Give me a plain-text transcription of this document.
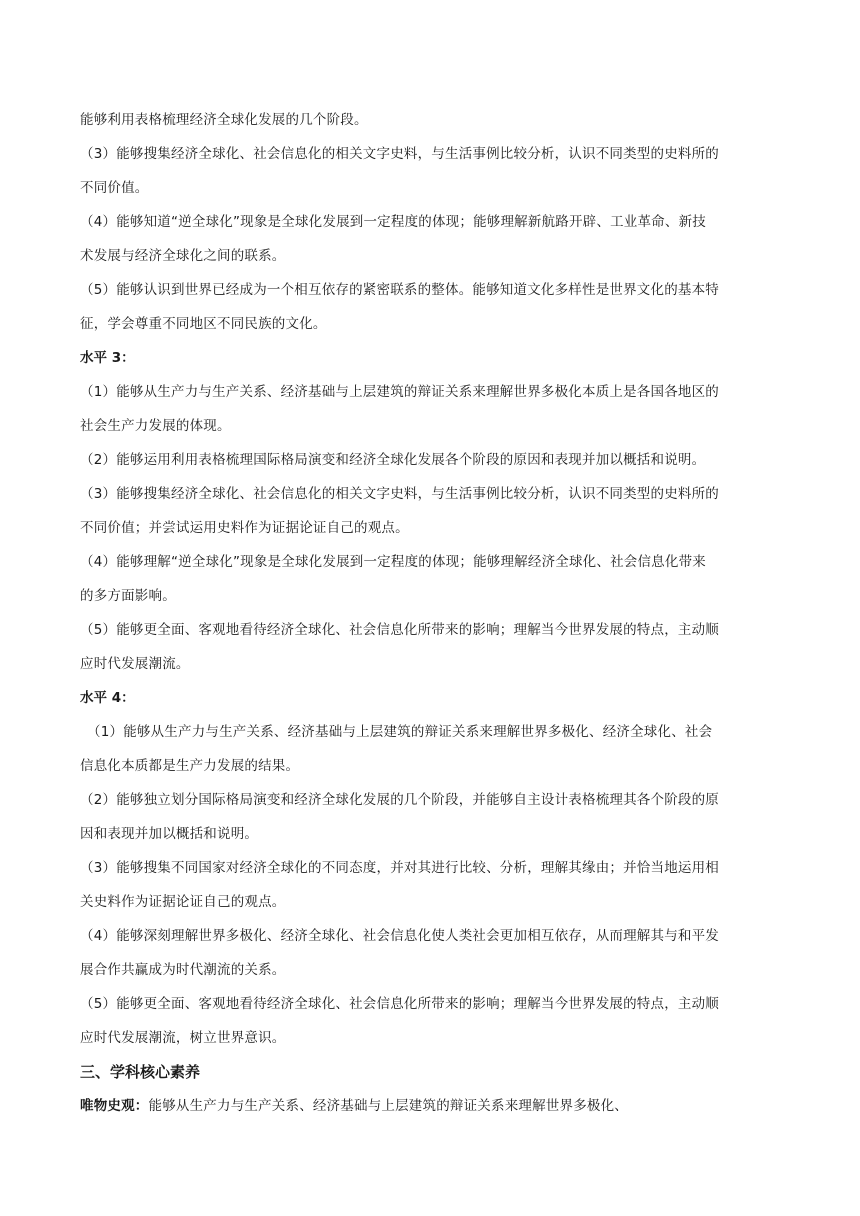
能够利用表格梳理经济全球化发展的几个阶段。
（3）能够搜集经济全球化、社会信息化的相关文字史料，与生活事例比较分析，认识不同类型的史料所的
不同价值。
（4）能够知道“逆全球化”现象是全球化发展到一定程度的体现；能够理解新航路开辟、工业革命、新技
术发展与经济全球化之间的联系。
（5）能够认识到世界已经成为一个相互依存的紧密联系的整体。能够知道文化多样性是世界文化的基本特
征，学会尊重不同地区不同民族的文化。
水平 3：
（1）能够从生产力与生产关系、经济基础与上层建筑的辩证关系来理解世界多极化本质上是各国各地区的
社会生产力发展的体现。
（2）能够运用利用表格梳理国际格局演变和经济全球化发展各个阶段的原因和表现并加以概括和说明。
（3）能够搜集经济全球化、社会信息化的相关文字史料，与生活事例比较分析，认识不同类型的史料所的
不同价值；并尝试运用史料作为证据论证自己的观点。
（4）能够理解“逆全球化”现象是全球化发展到一定程度的体现；能够理解经济全球化、社会信息化带来
的多方面影响。
（5）能够更全面、客观地看待经济全球化、社会信息化所带来的影响；理解当今世界发展的特点，主动顺
应时代发展潮流。
水平 4：
（1）能够从生产力与生产关系、经济基础与上层建筑的辩证关系来理解世界多极化、经济全球化、社会
信息化本质都是生产力发展的结果。
（2）能够独立划分国际格局演变和经济全球化发展的几个阶段，并能够自主设计表格梳理其各个阶段的原
因和表现并加以概括和说明。
（3）能够搜集不同国家对经济全球化的不同态度，并对其进行比较、分析，理解其缘由；并恰当地运用相
关史料作为证据论证自己的观点。
（4）能够深刻理解世界多极化、经济全球化、社会信息化使人类社会更加相互依存，从而理解其与和平发
展合作共赢成为时代潮流的关系。
（5）能够更全面、客观地看待经济全球化、社会信息化所带来的影响；理解当今世界发展的特点，主动顺
应时代发展潮流，树立世界意识。
三、学科核心素养
唯物史观：能够从生产力与生产关系、经济基础与上层建筑的辩证关系来理解世界多极化、
